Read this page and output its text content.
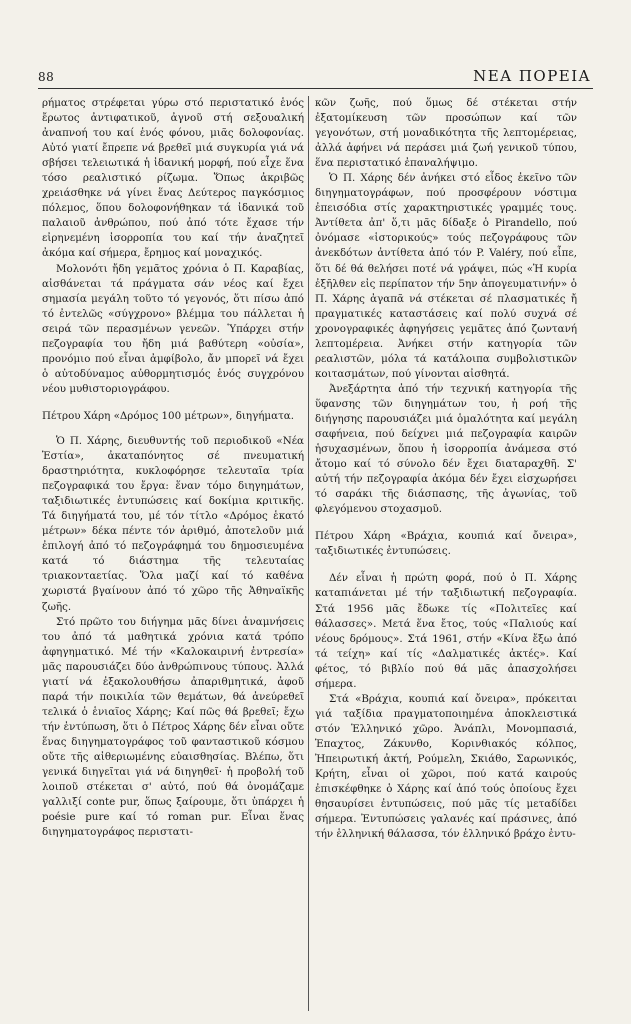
88	ΝΕΑ ΠΟΡΕΙΑ

ρήματος στρέφεται γύρω στό περιστατικό ἑνός ἔρωτος ἀντιφατικοῦ, ἀγνοῦ στή σεξουαλική ἀναπνοή του καί ἑνός φόνου, μιᾶς δολοφονίας. Αὐτό γιατί ἔπρεπε νά βρεθεῖ μιά συγκυρία γιά νά σβήσει τελειωτικά ἡ ἰδανική μορφή, πού εἶχε ἕνα τόσο ρεαλιστικό ρίζωμα. Ὅπως ἀκριβῶς χρειάσθηκε νά γίνει ἕνας Δεύτερος παγκόσμιος πόλεμος, ὅπου δολοφονήθηκαν τά ἰδανικά τοῦ παλαιοῦ ἀνθρώπου, πού ἀπό τότε ἔχασε τήν εἰρηνεμένη ἰσορροπία του καί τήν ἀναζητεῖ ἀκόμα καί σήμερα, ἔρημος καί μοναχικός.

Μολονότι ἤδη γεμᾶτος χρόνια ὁ Π. Καραβίας, αἰσθάνεται τά πράγματα σάν νέος καί ἔχει σημασία μεγάλη τοῦτο τό γεγονός, ὅτι πίσω ἀπό τό ἐντελῶς «σύγχρονο» βλέμμα του πάλλεται ἡ σειρά τῶν περασμένων γενεῶν. Ὑπάρχει στήν πεζογραφία του ἤδη μιά βαθύτερη «οὐσία», προνόμιο πού εἶναι ἀμφίβολο, ἄν μπορεῖ νά ἔχει ὁ αὐτοδύναμος αὐθορμητισμός ἑνός συγχρόνου νέου μυθιστοριογράφου.

Πέτρου Χάρη «Δρόμος 100 μέτρων», διηγήματα.

Ὁ Π. Χάρης, διευθυντής τοῦ περιοδικοῦ «Νέα Ἑστία», ἀκαταπόνητος σέ πνευματική δραστηριότητα, κυκλοφόρησε τελευταῖα τρία πεζογραφικά του ἔργα: ἕναν τόμο διηγημάτων, ταξιδιωτικές ἐντυπώσεις καί δοκίμια κριτικῆς. Τά διηγήματά του, μέ τόν τίτλο «Δρόμος ἑκατό μέτρων» δέκα πέντε τόν ἀριθμό, ἀποτελοῦν μιά ἐπιλογή ἀπό τό πεζογράφημά του δημοσιευμένα κατά τό διάστημα τῆς τελευταίας τριακονταετίας. Ὅλα μαζί καί τό καθένα χωριστά βγαίνουν ἀπό τό χῶρο τῆς Ἀθηναϊκῆς ζωῆς.

Στό πρῶτο του διήγημα μᾶς δίνει ἀναμνήσεις του ἀπό τά μαθητικά χρόνια κατά τρόπο ἀφηγηματικό. Μέ τήν «Καλοκαιρινή ἐντρεσία» μᾶς παρουσιάζει δύο ἀνθρώπινους τύπους. Ἀλλά γιατί νά ἐξακολουθήσω ἀπαριθμητικά, ἀφοῦ παρά τήν ποικιλία τῶν θεμάτων, θά ἀνεύρεθεῖ τελικά ὁ ἑνιαῖος Χάρης; Καί πῶς θά βρεθεῖ; ἔχω τήν ἐντύπωση, ὅτι ὁ Πέτρος Χάρης δέν εἶναι οὔτε ἕνας διηγηματογράφος τοῦ φανταστικοῦ κόσμου οὔτε τῆς αἰθεριωμένης εὐαισθησίας. Βλέπω, ὅτι γενικά διηγεῖται γιά νά διηγηθεῖ· ἡ προβολή τοῦ λοιποῦ στέκεται σ' αὐτό, πού θά ὀνομάζαμε γαλλιξί conte pur, ὅπως ξαίρουμε, ὅτι ὑπάρχει ἡ poésie pure καί τό roman pur. Εἶναι ἕνας διηγηματογράφος περιστατι-

κῶν ζωῆς, πού ὅμως δέ στέκεται στήν ἐξατομίκευση τῶν προσώπων καί τῶν γεγονότων, στή μοναδικότητα τῆς λεπτομέρειας, ἀλλά ἀφήνει νά περάσει μιά ζωή γενικοῦ τύπου, ἕνα περιστατικό ἐπαναλήψιμο.

Ὁ Π. Χάρης δέν ἀνήκει στό εἶδος ἐκεῖνο τῶν διηγηματογράφων, πού προσφέρουν νόστιμα ἐπεισόδια στίς χαρακτηριστικές γραμμές τους. Ἀντίθετα ἀπ' ὅ,τι μᾶς δίδαξε ὁ Pirandello, πού ὀνόμασε «ἱστορικούς» τούς πεζογράφους τῶν ἀνεκδότων ἀντίθετα ἀπό τόν P. Valéry, πού εἶπε, ὅτι δέ θά θελήσει ποτέ νά γράψει, πώς «Ἡ κυρία ἐξῆλθεν εἰς περίπατον τήν 5ην ἀπογευματινήν» ὁ Π. Χάρης ἀγαπᾶ νά στέκεται σέ πλασματικές ἤ πραγματικές καταστάσεις καί πολύ συχνά σέ χρονογραφικές ἀφηγήσεις γεμᾶτες ἀπό ζωντανή λεπτομέρεια. Ἀνήκει στήν κατηγορία τῶν ρεαλιστῶν, μόλα τά κατάλοιπα συμβολιστικῶν κοιτασμάτων, πού γίνονται αἰσθητά.

Ἀνεξάρτητα ἀπό τήν τεχνική κατηγορία τῆς ὕφανσης τῶν διηγημάτων του, ἡ ροή τῆς διήγησης παρουσιάζει μιά ὁμαλότητα καί μεγάλη σαφήνεια, πού δείχνει μιά πεζογραφία καιρῶν ἡσυχασμένων, ὅπου ἡ ἰσορροπία ἀνάμεσα στό ἄτομο καί τό σύνολο δέν ἔχει διαταραχθῆ. Σ' αὐτή τήν πεζογραφία ἀκόμα δέν ἔχει εἰσχωρήσει τό σαράκι τῆς διάσπασης, τῆς ἀγωνίας, τοῦ φλεγόμενου στοχασμοῦ.

Πέτρου Χάρη «Βράχια, κουπιά καί ὄνειρα», ταξιδιωτικές ἐντυπώσεις.

Δέν εἶναι ἡ πρώτη φορά, πού ὁ Π. Χάρης καταπιάνεται μέ τήν ταξιδιωτική πεζογραφία. Στά 1956 μᾶς ἔδωκε τίς «Πολιτεῖες καί θάλασσες». Μετά ἕνα ἔτος, τούς «Παλιούς καί νέους δρόμους». Στά 1961, στήν «Κίνα ἔξω ἀπό τά τείχη» καί τίς «Δαλματικές ἀκτές». Καί φέτος, τό βιβλίο πού θά μᾶς ἀπασχολήσει σήμερα.

Στά «Βράχια, κουπιά καί ὄνειρα», πρόκειται γιά ταξίδια πραγματοποιημένα ἀποκλειστικά στόν Ἑλληνικό χῶρο. Ἀνάπλι, Μονομπασιά, Ἑπαχτος, Ζάκυνθο, Κορινθιακός κόλπος, Ἠπειρωτική ἀκτή, Ρούμελη, Σκιάθο, Σαρωνικός, Κρήτη, εἶναι οἱ χῶροι, πού κατά καιρούς ἐπισκέφθηκε ὁ Χάρης καί ἀπό τούς ὁποίους ἔχει θησαυρίσει ἐντυπώσεις, πού μᾶς τίς μεταδίδει σήμερα. Ἐντυπώσεις γαλανές καί πράσινες, ἀπό τήν ἑλληνική θάλασσα, τόν ἑλληνικό βράχο ἐντυ-
